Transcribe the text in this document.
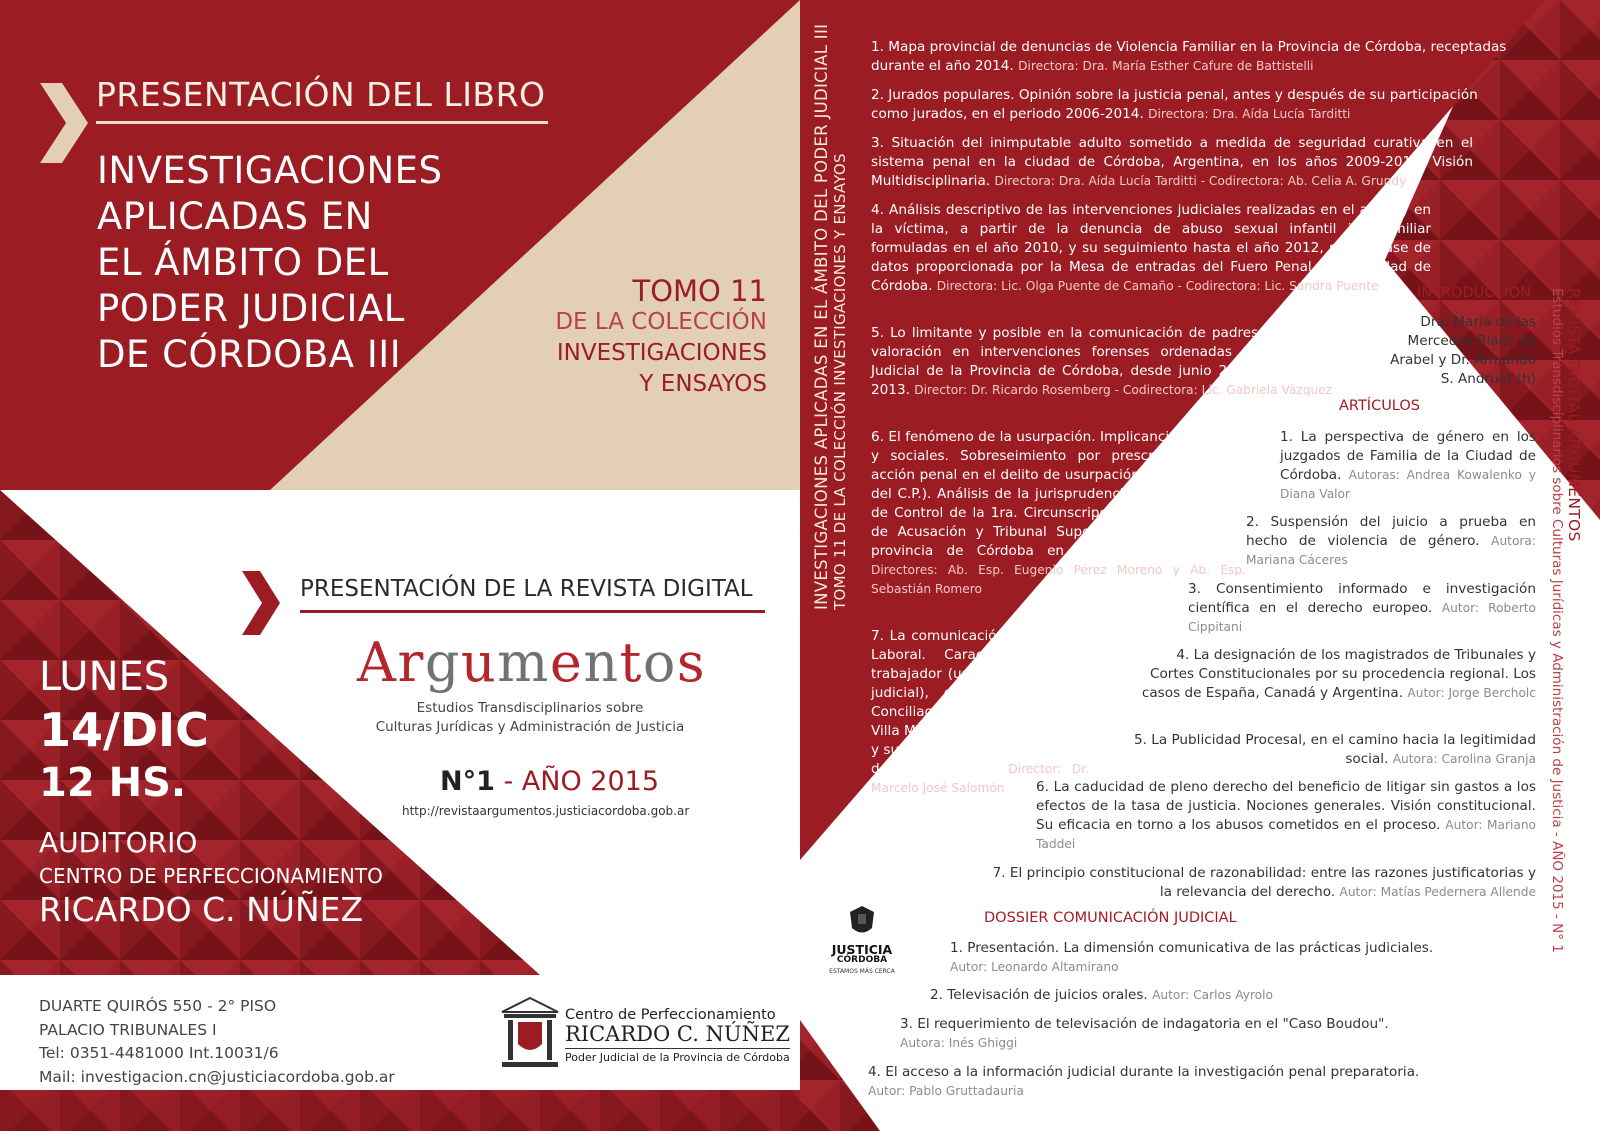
PRESENTACIÓN DEL LIBRO
INVESTIGACIONES
APLICADAS EN
EL ÁMBITO DEL
PODER JUDICIAL
DE CÓRDOBA III
TOMO 11
DE LA COLECCIÓN
INVESTIGACIONES
Y ENSAYOS
PRESENTACIÓN DE LA REVISTA DIGITAL
Argumentos
Estudios Transdisciplinarios sobre
Culturas Jurídicas y Administración de Justicia
N°1 - AÑO 2015
http://revistaargumentos.justiciacordoba.gob.ar
LUNES
14/DIC
12 HS.
AUDITORIO
CENTRO DE PERFECCIONAMIENTO
RICARDO C. NÚÑEZ
DUARTE QUIRÓS 550 - 2° PISO
PALACIO TRIBUNALES I
Tel: 0351-4481000 Int.10031/6
Mail: investigacion.cn@justiciacordoba.gob.ar
Centro de Perfeccionamiento
RICARDO C. NÚÑEZ
Poder Judicial de la Provincia de Córdoba
INVESTIGACIONES APLICADAS EN EL ÁMBITO DEL PODER JUDICIAL III TOMO 11 DE LA COLECCIÓN INVESTIGACIONES Y ENSAYOS	REVISTA DIGITAL ARGUMENTOS
Estudios Transdisciplinarios sobre Culturas Jurídicas y Administración de Justicia - AÑO 2015 - N° 1
1. Mapa provincial de denuncias de Violencia Familiar en la Provincia de Córdoba, receptadas durante el año 2014. Directora: Dra. María Esther Cafure de Battistelli
2. Jurados populares. Opinión sobre la justicia penal, antes y después de su participación como jurados, en el periodo 2006-2014. Directora: Dra. Aída Lucía Tarditti
3. Situación del inimputable adulto sometido a medida de seguridad curativa en el sistema penal en la ciudad de Córdoba, Argentina, en los años 2009-2011. Visión Multidisciplinaria. Directora: Dra. Aída Lucía Tarditti - Codirectora: Ab. Celia A. Grundy
4. Análisis descriptivo de las intervenciones judiciales realizadas en el autor y en la víctima, a partir de la denuncia de abuso sexual infantil intrafamiliar formuladas en el año 2010, y su seguimiento hasta el año 2012, según base de datos proporcionada por la Mesa de entradas del Fuero Penal de la ciudad de Córdoba. Directora: Lic. Olga Puente de Camaño - Codirectora: Lic. Sandra Puente
5. Lo limitante y posible en la comunicación de padres e hijos. Su valoración en intervenciones forenses ordenadas por el Poder Judicial de la Provincia de Córdoba, desde junio 2012 hasta junio 2013. Director: Dr. Ricardo Rosemberg - Codirectora: Lic. Gabriela Vázquez
6. El fenómeno de la usurpación. Implicancias jurídicas y sociales. Sobreseimiento por prescripción de la acción penal en el delito de usurpación (art. 181 inc. 1 del C.P.). Análisis de la jurisprudencia de los Juzgados de Control de la 1ra. Circunscripción Judicial, Cámara de Acusación y Tribunal Superior de Justicia de la provincia de Córdoba en el periodo 2007-2011. Directores: Ab. Esp. Eugenio Pérez Moreno y Ab. Esp. Sebastián Romero
7. La comunicación en el Fuero Laboral. Caracterización del trabajador (usuario del sistema judicial), en el Juzgado de Conciliación de la ciudad de Villa María, durante el año 2014 y su vinculación con los canales de comunicación. Director: Dr. Marcelo José Salomón
INTRODUCCIÓN
Dra. María de las Mercedes Blanc de Arabel y Dr. Armando S. Andruet (h)
ARTÍCULOS
1. La perspectiva de género en los juzgados de Familia de la Ciudad de Córdoba. Autoras: Andrea Kowalenko y Diana Valor
2. Suspensión del juicio a prueba en hecho de violencia de género. Autora: Mariana Cáceres
3. Consentimiento informado e investigación científica en el derecho europeo. Autor: Roberto Cippitani
4. La designación de los magistrados de Tribunales y Cortes Constitucionales por su procedencia regional. Los casos de España, Canadá y Argentina. Autor: Jorge Bercholc
5. La Publicidad Procesal, en el camino hacia la legitimidad social. Autora: Carolina Granja
6. La caducidad de pleno derecho del beneficio de litigar sin gastos a los efectos de la tasa de justicia. Nociones generales. Visión constitucional. Su eficacia en torno a los abusos cometidos en el proceso. Autor: Mariano Taddei
7. El principio constitucional de razonabilidad: entre las razones justificatorias y la relevancia del derecho. Autor: Matías Pedernera Allende
DOSSIER COMUNICACIÓN JUDICIAL
1. Presentación. La dimensión comunicativa de las prácticas judiciales.
Autor: Leonardo Altamirano
2. Televisación de juicios orales. Autor: Carlos Ayrolo
3. El requerimiento de televisación de indagatoria en el "Caso Boudou".
Autora: Inés Ghiggi
4. El acceso a la información judicial durante la investigación penal preparatoria.
Autor: Pablo Gruttadauria
JUSTICIA
CÓRDOBA
ESTAMOS MÁS CERCA
